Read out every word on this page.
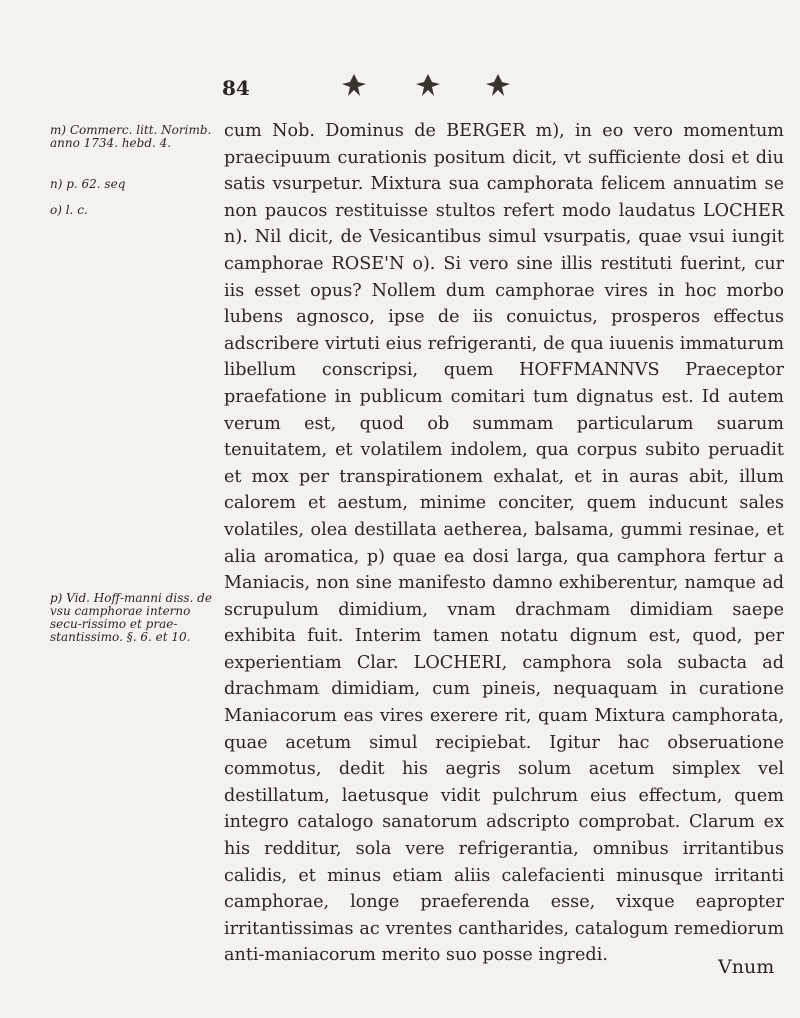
84
m) Commerc. litt. Norimb. anno 1734. hebd. 4.
n) p. 62. seq
o) l. c.
p) Vid. Hoff-manni diss. de vsu camphorae interno secu-rissimo et prae-stantissimo. §. 6. et 10.

cum Nob. Dominus de BERGER m), in eo vero momentum praecipuum curationis positum dicit, vt sufficiente dosi et diu satis vsurpetur. Mixtura sua camphorata felicem annuatim se non paucos restituisse stultos refert modo laudatus LOCHER n). Nil dicit, de Vesicantibus simul vsurpatis, quae vsui iungit camphorae ROSE'N o). Si vero sine illis restituti fuerint, cur iis esset opus? Nollem dum camphorae vires in hoc morbo lubens agnosco, ipse de iis conuictus, prosperos effectus adscribere virtuti eius refrigeranti, de qua iuuenis immaturum libellum conscripsi, quem HOFFMANNVS Praeceptor praefatione in publicum comitari tum dignatus est. Id autem verum est, quod ob summam particularum suarum tenuitatem, et volatilem indolem, qua corpus subito peruadit et mox per transpirationem exhalat, et in auras abit, illum calorem et aestum, minime conciter, quem inducunt sales volatiles, olea destillata aetherea, balsama, gummi resinae, et alia aromatica, p) quae ea dosi larga, qua camphora fertur a Maniacis, non sine manifesto damno exhiberentur, namque ad scrupulum dimidium, vnam drachmam dimidiam saepe exhibita fuit. Interim tamen notatu dignum est, quod, per experientiam Clar. LOCHERI, camphora sola subacta ad drachmam dimidiam, cum pineis, nequaquam in curatione Maniacorum eas vires exerere rit, quam Mixtura camphorata, quae acetum simul recipiebat. Igitur hac obseruatione commotus, dedit his aegris solum acetum simplex vel destillatum, laetusque vidit pulchrum eius effectum, quem integro catalogo sanatorum adscripto comprobat. Clarum ex his redditur, sola vere refrigerantia, omnibus irritantibus calidis, et minus etiam aliis calefacienti minusque irritanti camphorae, longe praeferenda esse, vixque eapropter irritantissimas ac vrentes cantharides, catalogum remediorum anti-maniacorum merito suo posse ingredi.

Vnum
